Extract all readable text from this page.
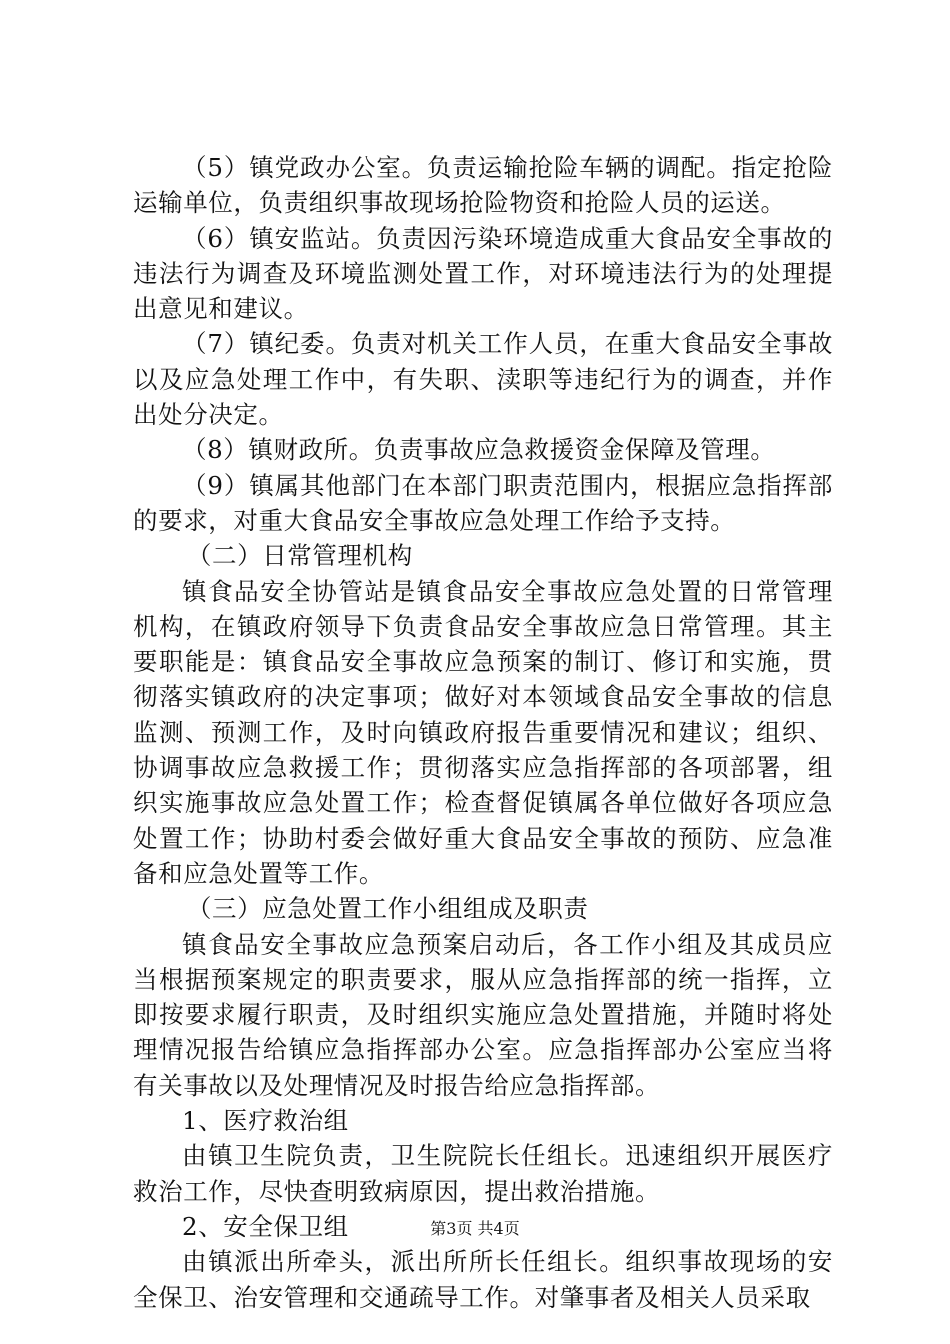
（5）镇党政办公室。负责运输抢险车辆的调配。指定抢险运输单位，负责组织事故现场抢险物资和抢险人员的运送。

（6）镇安监站。负责因污染环境造成重大食品安全事故的违法行为调查及环境监测处置工作，对环境违法行为的处理提出意见和建议。

（7）镇纪委。负责对机关工作人员，在重大食品安全事故以及应急处理工作中，有失职、渎职等违纪行为的调查，并作出处分决定。

（8）镇财政所。负责事故应急救援资金保障及管理。

（9）镇属其他部门在本部门职责范围内，根据应急指挥部的要求，对重大食品安全事故应急处理工作给予支持。

（二）日常管理机构

镇食品安全协管站是镇食品安全事故应急处置的日常管理机构，在镇政府领导下负责食品安全事故应急日常管理。其主要职能是：镇食品安全事故应急预案的制订、修订和实施，贯彻落实镇政府的决定事项；做好对本领域食品安全事故的信息监测、预测工作，及时向镇政府报告重要情况和建议；组织、协调事故应急救援工作；贯彻落实应急指挥部的各项部署，组织实施事故应急处置工作；检查督促镇属各单位做好各项应急处置工作；协助村委会做好重大食品安全事故的预防、应急准备和应急处置等工作。

（三）应急处置工作小组组成及职责

镇食品安全事故应急预案启动后，各工作小组及其成员应当根据预案规定的职责要求，服从应急指挥部的统一指挥，立即按要求履行职责，及时组织实施应急处置措施，并随时将处理情况报告给镇应急指挥部办公室。应急指挥部办公室应当将有关事故以及处理情况及时报告给应急指挥部。

1、医疗救治组

由镇卫生院负责，卫生院院长任组长。迅速组织开展医疗救治工作，尽快查明致病原因，提出救治措施。

2、安全保卫组

由镇派出所牵头，派出所所长任组长。组织事故现场的安全保卫、治安管理和交通疏导工作。对肇事者及相关人员采取

第3页 共4页
